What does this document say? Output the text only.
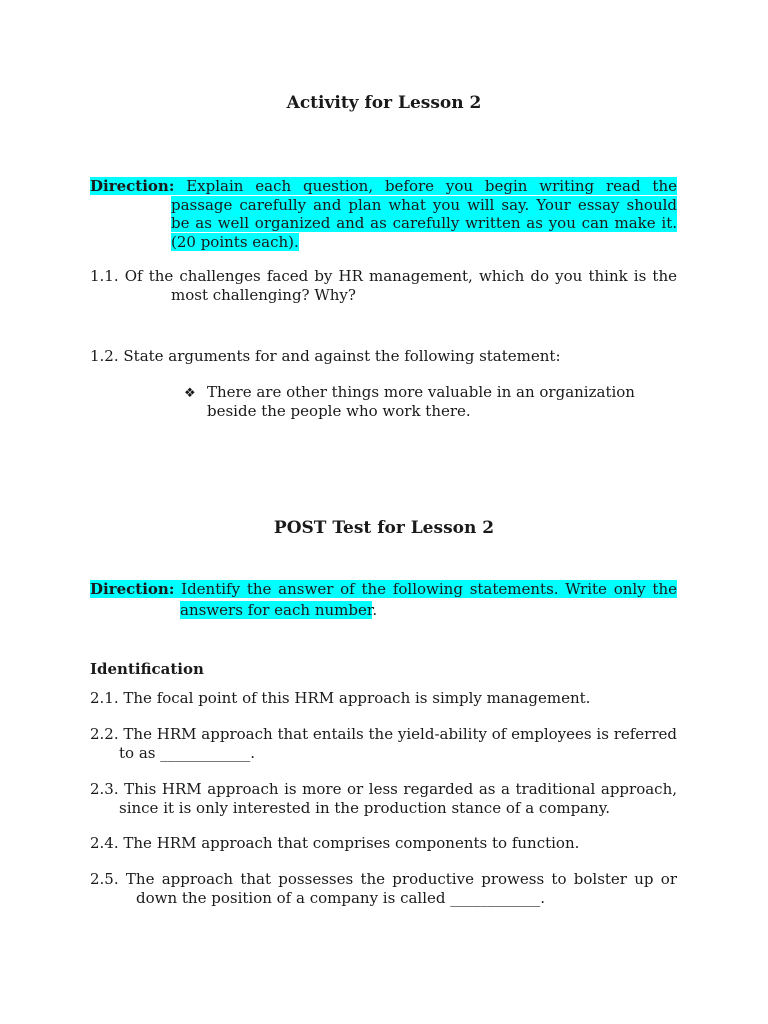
Activity for Lesson 2
Direction: Explain each question, before you begin writing read the
passage carefully and plan what you will say. Your essay should be as well organized and as carefully written as you can make it. (20 points each).
1.1. Of the challenges faced by HR management, which do you think is the most challenging? Why?
1.2. State arguments for and against the following statement:
❖ There are other things more valuable in an organization beside the people who work there.
POST Test for Lesson 2
Direction: Identify the answer of the following statements. Write only the
answers for each number.
Identification
2.1. The focal point of this HRM approach is simply management.
2.2. The HRM approach that entails the yield-ability of employees is referred to as ____________.
2.3. This HRM approach is more or less regarded as a traditional approach, since it is only interested in the production stance of a company.
2.4. The HRM approach that comprises components to function.
2.5. The approach that possesses the productive prowess to bolster up or down the position of a company is called ____________.
